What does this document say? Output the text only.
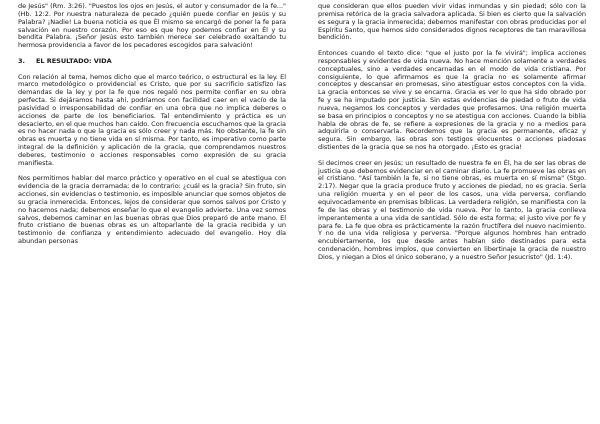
de Jesús" (Rm. 3:26). "Puestos los ojos en Jesús, el autor y consumador de la fe..." (Hb. 12:2. Por nuestra naturaleza de pecado ¿quién puede confiar en Jesús y su Palabra? ¡Nadie! La buena noticia es que Él mismo se encargó de poner la fe para salvación en nuestro corazón. Por eso es que hoy podemos confiar en Él y su bendita Palabra. ¡Señor Jesús esto también merece ser celebrado exaltando tu hermosa providencia a favor de los pecadores escogidos para salvación!

3. EL RESULTADO: VIDA

Con relación al tema, hemos dicho que el marco teórico, o estructural es la ley. El marco metodológico o providencial es Cristo, que por su sacrificio satisfizo las demandas de la ley y por la fe que nos regaló nos permite confiar en su obra perfecta. Si dejáramos hasta ahí, podríamos con facilidad caer en el vacío de la pasividad o irresponsabilidad de confiar en una obra que no implica deberes o acciones de parte de los beneficiarios. Tal entendimiento y práctica es un desacierto, en el que muchos han caído. Con frecuencia escuchamos que la gracia es no hacer nada o que la gracia es sólo creer y nada más. No obstante, la fe sin obras es muerta y no tiene vida en sí misma. Por tanto, es imperativo como parte integral de la definición y aplicación de la gracia, que comprendamos nuestros deberes, testimonio o acciones responsables como expresión de su gracia manifiesta.

Nos permitimos hablar del marco práctico y operativo en el cual se atestigua con evidencia de la gracia derramada; de lo contrario: ¿cuál es la gracia? Sin fruto, sin acciones, sin evidencias o testimonio, es imposible anunciar que somos objetos de su gracia inmerecida. Entonces, lejos de considerar que somos salvos por Cristo y no hacemos nada; debemos enseñar lo que el evangelio advierte. Una vez somos salvos, debemos caminar en las buenas obras que Dios preparó de ante mano. El fruto cristiano de buenas obras es un altoparlante de la gracia recibida y un testimonio de confianza y entendimiento adecuado del evangelio. Hoy día abundan personas

que consideran que ellos pueden vivir vidas inmundas y sin piedad; sólo con la premisa retórica de la gracia salvadora aplicada. Si bien es cierto que la salvación es segura y la gracia inmerecida; debemos manifestar con obras producidas por el Espíritu Santo, que hemos sido considerados dignos receptores de tan maravillosa bendición.

Entonces cuando el texto dice: "que el justo por la fe vivirá"; implica acciones responsables y evidentes de vida nueva. No hace mención solamente a verdades conceptuales, sino a verdades encarnadas en el modo de vida cristiana. Por consiguiente, lo que afirmamos es que la gracia no es solamente afirmar conceptos y descansar en promesas, sino atestiguar estos conceptos con la vida. La gracia entonces se vive y se encarna. Gracia es ver lo que ha sido obrado por fe y se ha imputado por justicia. Sin estas evidencias de piedad o fruto de vida nueva, negamos los conceptos y verdades que profesamos. Una religión muerta se basa en principios o conceptos y no se atestigua con acciones. Cuando la biblia habla de obras de fe, se refiere a expresiones de la gracia y no a medios para adquirirla o conservarla. Recordemos que la gracia es permanente, eficaz y segura. Sin embargo, las obras son testigos elocuentes o acciones piadosas distientes de la gracia que se nos ha otorgado. ¡Esto es gracia!

Si decimos creer en Jesús; un resultado de nuestra fe en Él, ha de ser las obras de justicia que debemos evidenciar en el caminar diario. La fe promueve las obras en el cristiano. "Así también la fe, si no tiene obras, es muerta en sí misma" (Stgo. 2:17). Negar que la gracia produce fruto y acciones de piedad, no es gracia. Sería una religión muerta y en el peor de los casos, una vida perversa, confiando equivocadamente en premisas bíblicas. La verdadera religión, se manifiesta con la fe de las obras y el testimonio de vida nueva. Por lo tanto, la gracia conlleva imperantemente a una vida de santidad. Sólo de esta forma; el justo vive por fe y para fe. La fe que obra es prácticamente la razón fructífera del nuevo nacimiento. Y no de una vida religiosa y perversa. "Porque algunos hombres han entrado encubiertamente, los que desde antes habían sido destinados para esta condenación, hombres impíos, que convierten en libertinaje la gracia de nuestro Dios, y niegan a Dios el único soberano, y a nuestro Señor Jesucristo" (Jd. 1:4).
